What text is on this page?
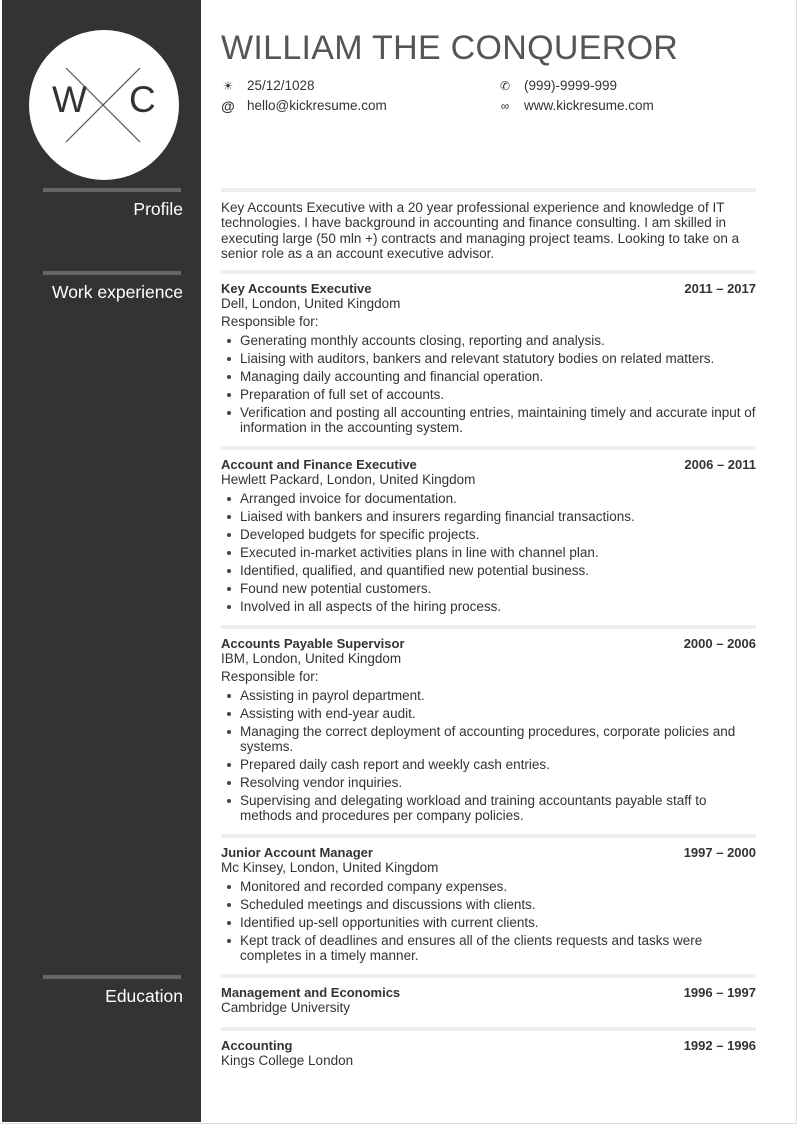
W C
Profile
Work experience
Education
WILLIAM THE CONQUEROR
☀ 25/12/1028
@ hello@kickresume.com
✆ (999)-9999-999
∞ www.kickresume.com
Key Accounts Executive with a 20 year professional experience and knowledge of IT technologies. I have background in accounting and finance consulting. I am skilled in executing large (50 mln +) contracts and managing project teams. Looking to take on a senior role as a an account executive advisor.
Key Accounts Executive	2011 – 2017
Dell, London, United Kingdom
Responsible for:
Generating monthly accounts closing, reporting and analysis.
Liaising with auditors, bankers and relevant statutory bodies on related matters.
Managing daily accounting and financial operation.
Preparation of full set of accounts.
Verification and posting all accounting entries, maintaining timely and accurate input of information in the accounting system.
Account and Finance Executive	2006 – 2011
Hewlett Packard, London, United Kingdom
Arranged invoice for documentation.
Liaised with bankers and insurers regarding financial transactions.
Developed budgets for specific projects.
Executed in-market activities plans in line with channel plan.
Identified, qualified, and quantified new potential business.
Found new potential customers.
Involved in all aspects of the hiring process.
Accounts Payable Supervisor	2000 – 2006
IBM, London, United Kingdom
Responsible for:
Assisting in payrol department.
Assisting with end-year audit.
Managing the correct deployment of accounting procedures, corporate policies and systems.
Prepared daily cash report and weekly cash entries.
Resolving vendor inquiries.
Supervising and delegating workload and training accountants payable staff to methods and procedures per company policies.
Junior Account Manager	1997 – 2000
Mc Kinsey, London, United Kingdom
Monitored and recorded company expenses.
Scheduled meetings and discussions with clients.
Identified up-sell opportunities with current clients.
Kept track of deadlines and ensures all of the clients requests and tasks were completes in a timely manner.
Management and Economics	1996 – 1997
Cambridge University
Accounting	1992 – 1996
Kings College London
